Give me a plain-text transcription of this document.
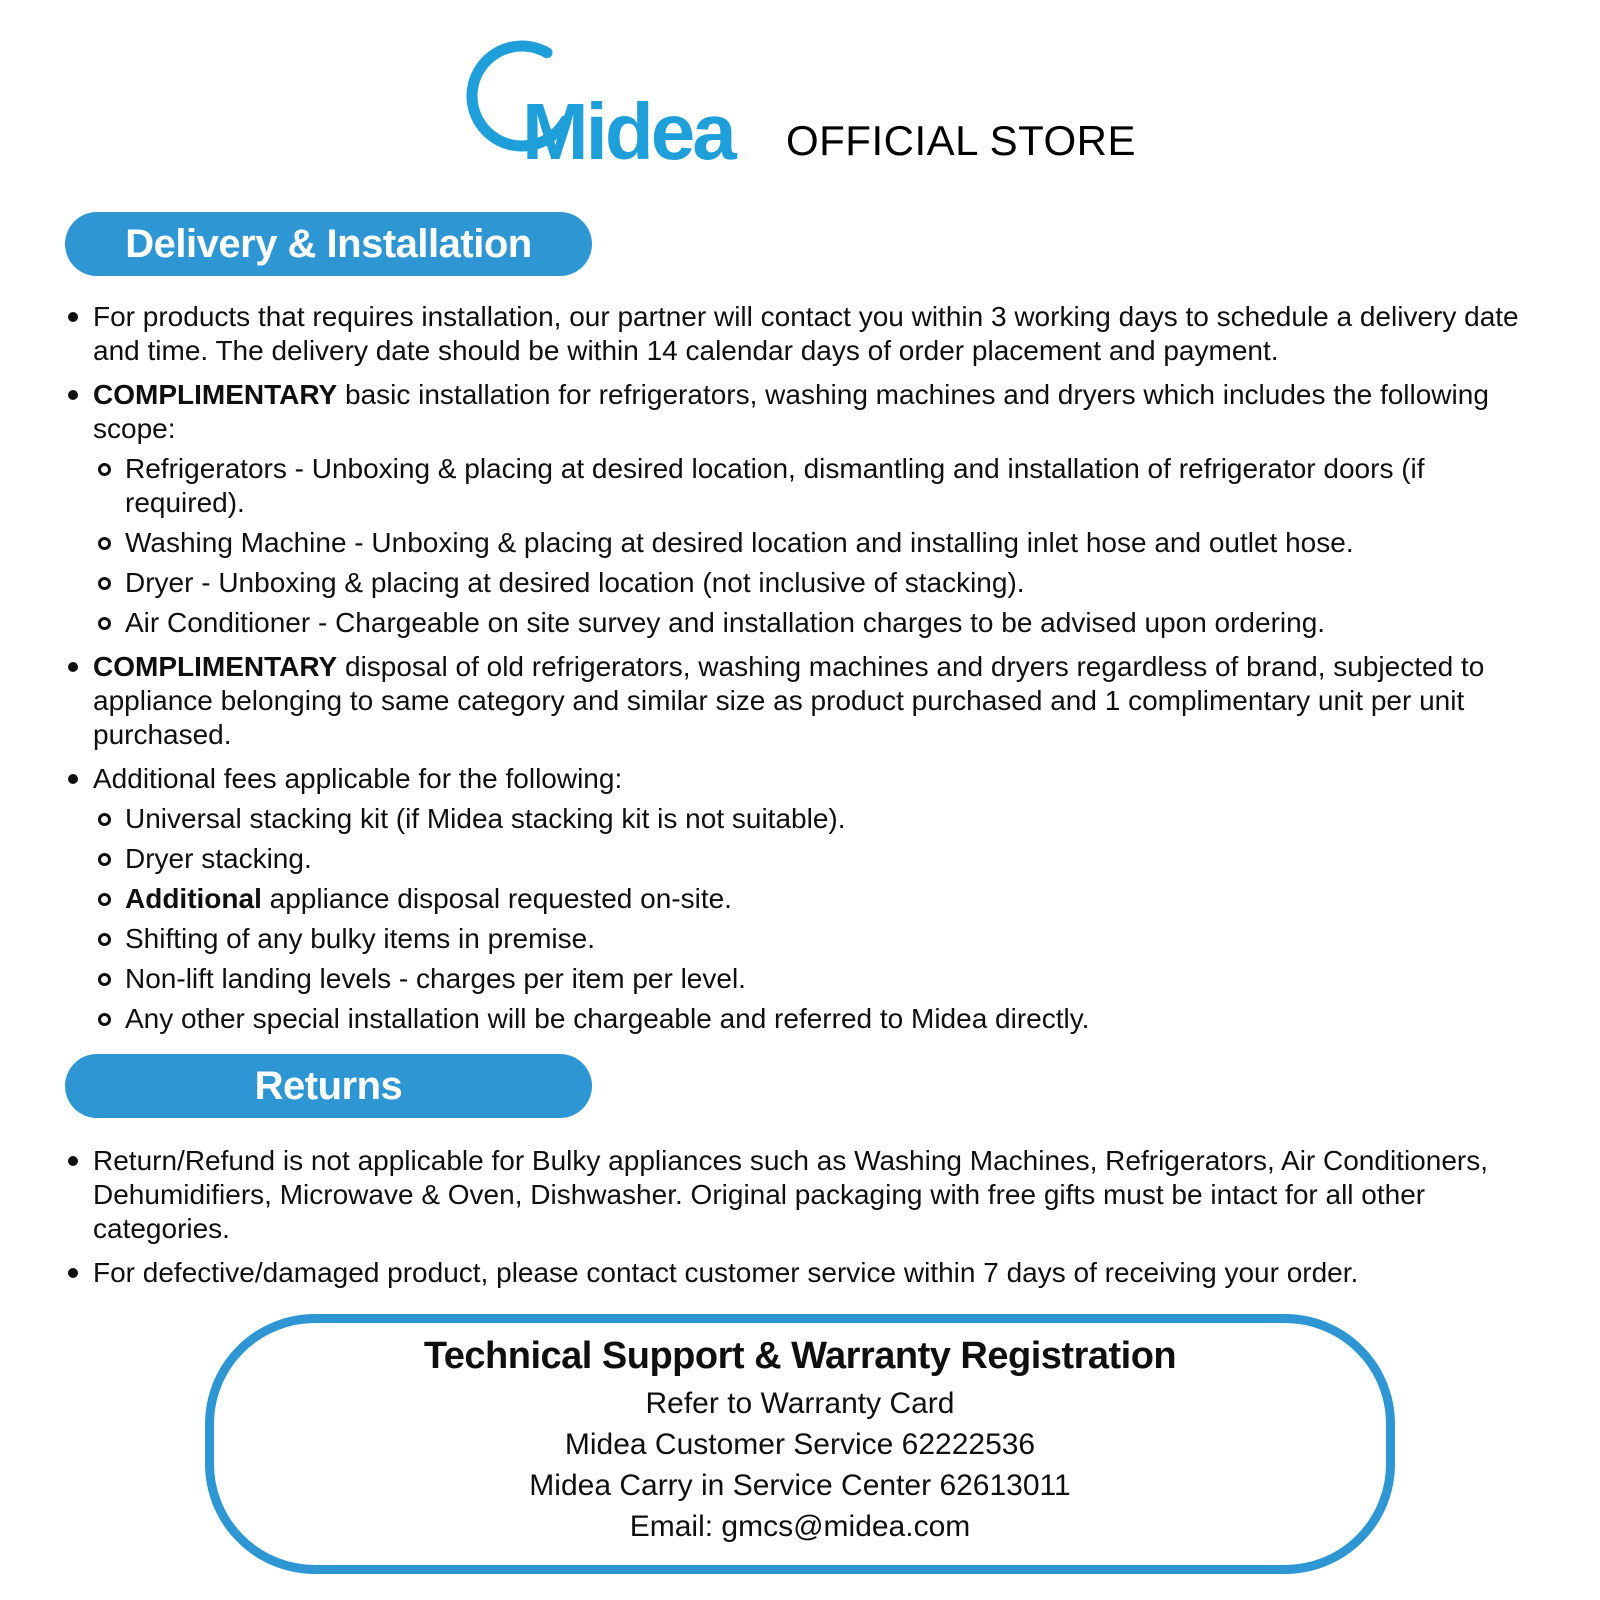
Midea OFFICIAL STORE
Delivery & Installation
For products that requires installation, our partner will contact you within 3 working days to schedule a delivery date and time. The delivery date should be within 14 calendar days of order placement and payment.
COMPLIMENTARY basic installation for refrigerators, washing machines and dryers which includes the following scope:
Refrigerators - Unboxing & placing at desired location, dismantling and installation of refrigerator doors (if required).
Washing Machine - Unboxing & placing at desired location and installing inlet hose and outlet hose.
Dryer - Unboxing & placing at desired location (not inclusive of stacking).
Air Conditioner - Chargeable on site survey and installation charges to be advised upon ordering.
COMPLIMENTARY disposal of old refrigerators, washing machines and dryers regardless of brand, subjected to appliance belonging to same category and similar size as product purchased and 1 complimentary unit per unit purchased.
Additional fees applicable for the following:
Universal stacking kit (if Midea stacking kit is not suitable).
Dryer stacking.
Additional appliance disposal requested on-site.
Shifting of any bulky items in premise.
Non-lift landing levels - charges per item per level.
Any other special installation will be chargeable and referred to Midea directly.
Returns
Return/Refund is not applicable for Bulky appliances such as Washing Machines, Refrigerators, Air Conditioners, Dehumidifiers, Microwave & Oven, Dishwasher. Original packaging with free gifts must be intact for all other categories.
For defective/damaged product, please contact customer service within 7 days of receiving your order.
Technical Support & Warranty Registration
Refer to Warranty Card
Midea Customer Service 62222536
Midea Carry in Service Center 62613011
Email: gmcs@midea.com
